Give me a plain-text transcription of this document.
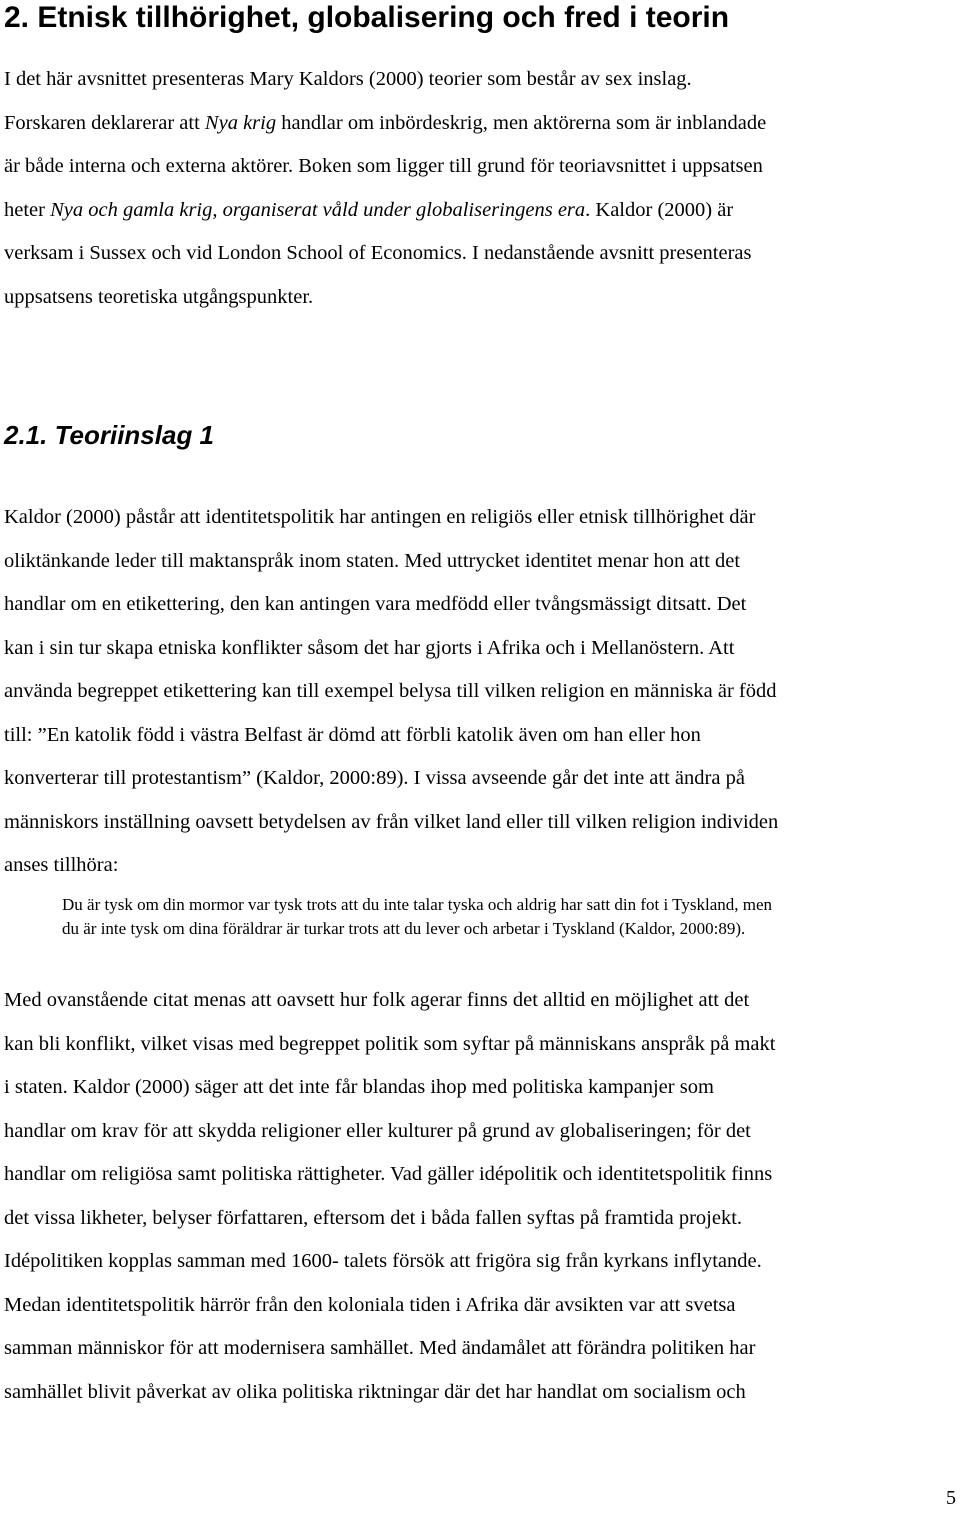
2. Etnisk tillhörighet, globalisering och fred i teorin
I det här avsnittet presenteras Mary Kaldors (2000) teorier som består av sex inslag.
Forskaren deklarerar att Nya krig handlar om inbördeskrig, men aktörerna som är inblandade
är både interna och externa aktörer. Boken som ligger till grund för teoriavsnittet i uppsatsen
heter Nya och gamla krig, organiserat våld under globaliseringens era. Kaldor (2000) är
verksam i Sussex och vid London School of Economics. I nedanstående avsnitt presenteras
uppsatsens teoretiska utgångspunkter.
2.1. Teoriinslag 1
Kaldor (2000) påstår att identitetspolitik har antingen en religiös eller etnisk tillhörighet där
oliktänkande leder till maktanspråk inom staten. Med uttrycket identitet menar hon att det
handlar om en etikettering, den kan antingen vara medfödd eller tvångsmässigt ditsatt. Det
kan i sin tur skapa etniska konflikter såsom det har gjorts i Afrika och i Mellanöstern. Att
använda begreppet etikettering kan till exempel belysa till vilken religion en människa är född
till: ”En katolik född i västra Belfast är dömd att förbli katolik även om han eller hon
konverterar till protestantism” (Kaldor, 2000:89). I vissa avseende går det inte att ändra på
människors inställning oavsett betydelsen av från vilket land eller till vilken religion individen
anses tillhöra:
Du är tysk om din mormor var tysk trots att du inte talar tyska och aldrig har satt din fot i Tyskland, men
du är inte tysk om dina föräldrar är turkar trots att du lever och arbetar i Tyskland (Kaldor, 2000:89).
Med ovanstående citat menas att oavsett hur folk agerar finns det alltid en möjlighet att det
kan bli konflikt, vilket visas med begreppet politik som syftar på människans anspråk på makt
i staten. Kaldor (2000) säger att det inte får blandas ihop med politiska kampanjer som
handlar om krav för att skydda religioner eller kulturer på grund av globaliseringen; för det
handlar om religiösa samt politiska rättigheter. Vad gäller idépolitik och identitetspolitik finns
det vissa likheter, belyser författaren, eftersom det i båda fallen syftas på framtida projekt.
Idépolitiken kopplas samman med 1600- talets försök att frigöra sig från kyrkans inflytande.
Medan identitetspolitik härrör från den koloniala tiden i Afrika där avsikten var att svetsa
samman människor för att modernisera samhället. Med ändamålet att förändra politiken har
samhället blivit påverkat av olika politiska riktningar där det har handlat om socialism och
5
